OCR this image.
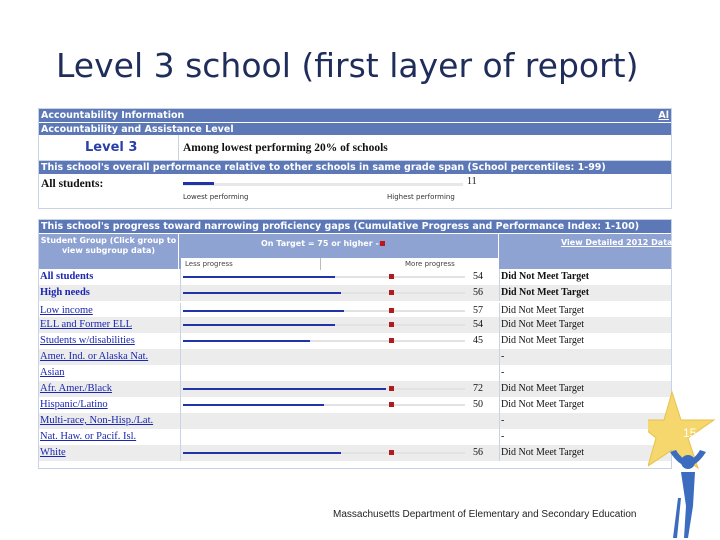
Level 3 school (first layer of report)
Accountability Information	Al
Accountability and Assistance Level
Level 3	Among lowest performing 20% of schools
This school's overall performance relative to other schools in same grade span (School percentiles: 1-99)
All students:	11
Lowest performing	Highest performing
This school's progress toward narrowing proficiency gaps (Cumulative Progress and Performance Index: 1-100)
Student Group (Click group to view subgroup data)
On Target = 75 or higher -
Less progress	More progress
View Detailed 2012 Data
All students	54 Did Not Meet Target
High needs	56 Did Not Meet Target
Low income	57 Did Not Meet Target
ELL and Former ELL	54 Did Not Meet Target
Students w/disabilities	45 Did Not Meet Target
Amer. Ind. or Alaska Nat.	-
Asian	-
Afr. Amer./Black	72 Did Not Meet Target
Hispanic/Latino	50 Did Not Meet Target
Multi-race, Non-Hisp./Lat.	-
Nat. Haw. or Pacif. Isl.	-
White	56 Did Not Meet Target
Massachusetts Department of Elementary and Secondary Education
15
